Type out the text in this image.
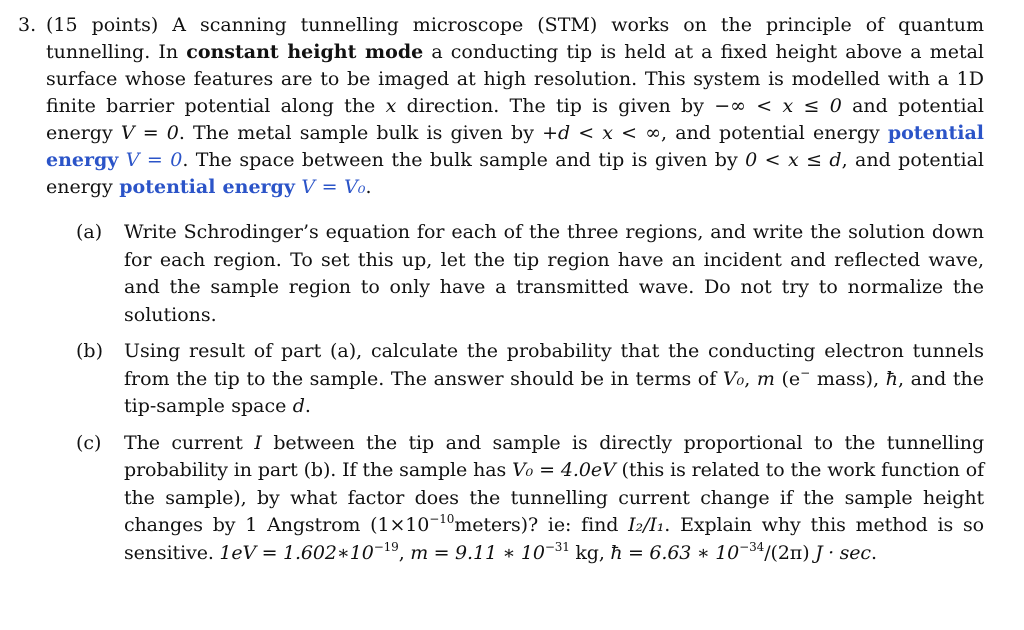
3. (15 points) A scanning tunnelling microscope (STM) works on the principle of quantum tunnelling. In constant height mode a conducting tip is held at a fixed height above a metal surface whose features are to be imaged at high resolution. This system is modelled with a 1D finite barrier potential along the x direction. The tip is given by −∞ < x ≤ 0 and potential energy V = 0. The metal sample bulk is given by +d < x < ∞, and potential energy potential energy V = 0. The space between the bulk sample and tip is given by 0 < x ≤ d, and potential energy potential energy V = V₀.
(a)	Write Schrodinger’s equation for each of the three regions, and write the solution down for each region. To set this up, let the tip region have an incident and reflected wave, and the sample region to only have a transmitted wave. Do not try to normalize the solutions.
(b)	Using result of part (a), calculate the probability that the conducting electron tunnels from the tip to the sample. The answer should be in terms of V₀, m (e− mass), ħ, and the tip-sample space d.
(c)	The current I between the tip and sample is directly proportional to the tunnelling probability in part (b). If the sample has V₀ = 4.0eV (this is related to the work function of the sample), by what factor does the tunnelling current change if the sample height changes by 1 Angstrom $(1\times 10^{-10}meters)$? ie: find I₂/I₁. Explain why this method is so sensitive. $1eV = 1.602∗10^{-19}$, m = 9.11 ∗ $10^{-31}$ kg, ħ = 6.63 ∗ $10^{-34}/(2\pi) J \cdot \sec$.
